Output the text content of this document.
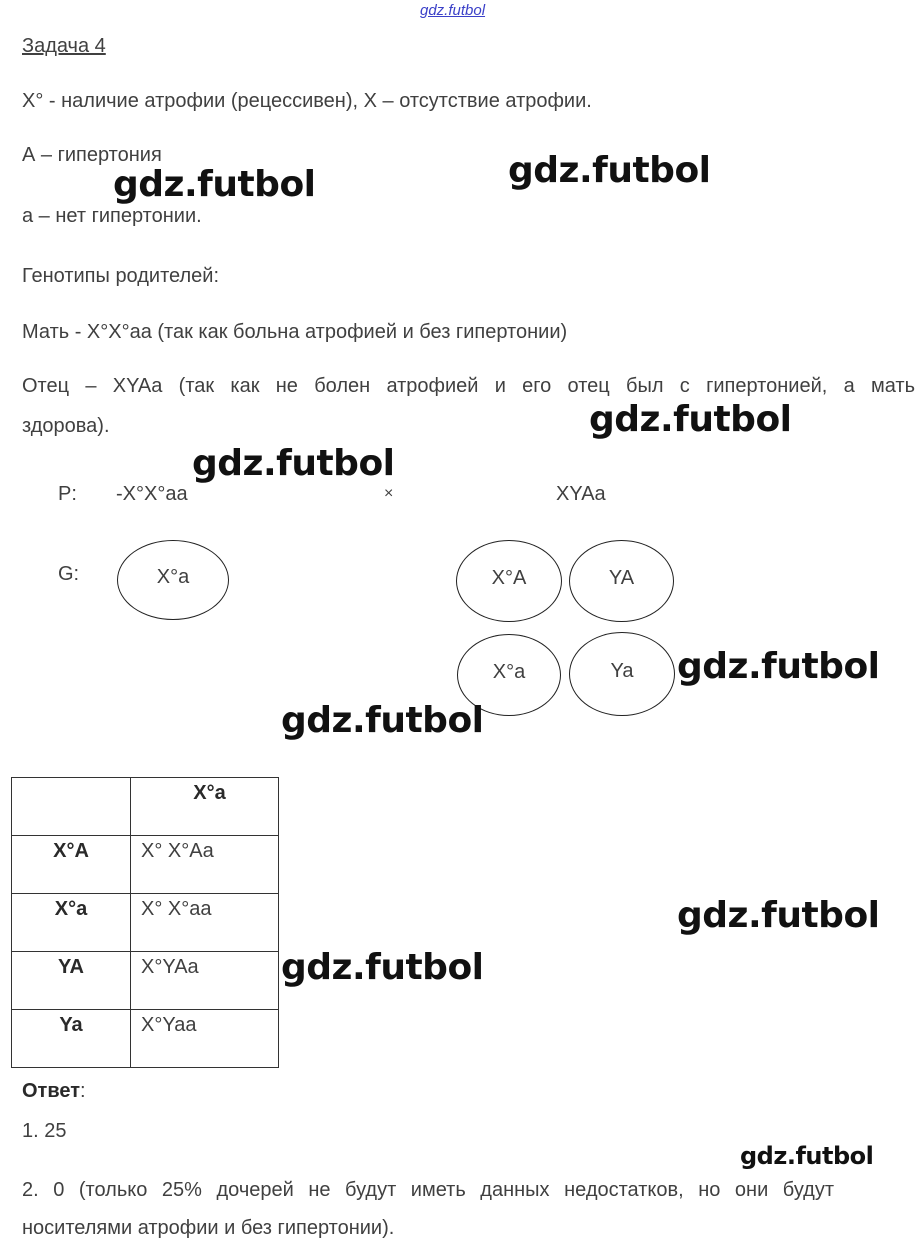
gdz.futbol
Задача 4
X° - наличие атрофии (рецессивен), X – отсутствие атрофии.
А – гипертония
а – нет гипертонии.
Генотипы родителей:
Мать - X°X°аа (так как больна атрофией и без гипертонии)
Отец – XYAa (так как не болен атрофией и его отец был с гипертонией, а мать
здорова).
P: -X°X°aa	×	XYAa
G:	X°a	X°A	YA
X°a	Ya
	X°a
X°A	X° X°Aa
X°a	X° X°aa
YA	X°YAa
Ya	X°Yaa
Ответ:
1. 25
2. 0 (только 25% дочерей не будут иметь данных недостатков, но они будут
носителями атрофии и без гипертонии).
gdz.futbol	gdz.futbol
gdz.futbol
gdz.futbol
gdz.futbol
gdz.futbol
gdz.futbol
gdz.futbol
gdz.futbol
